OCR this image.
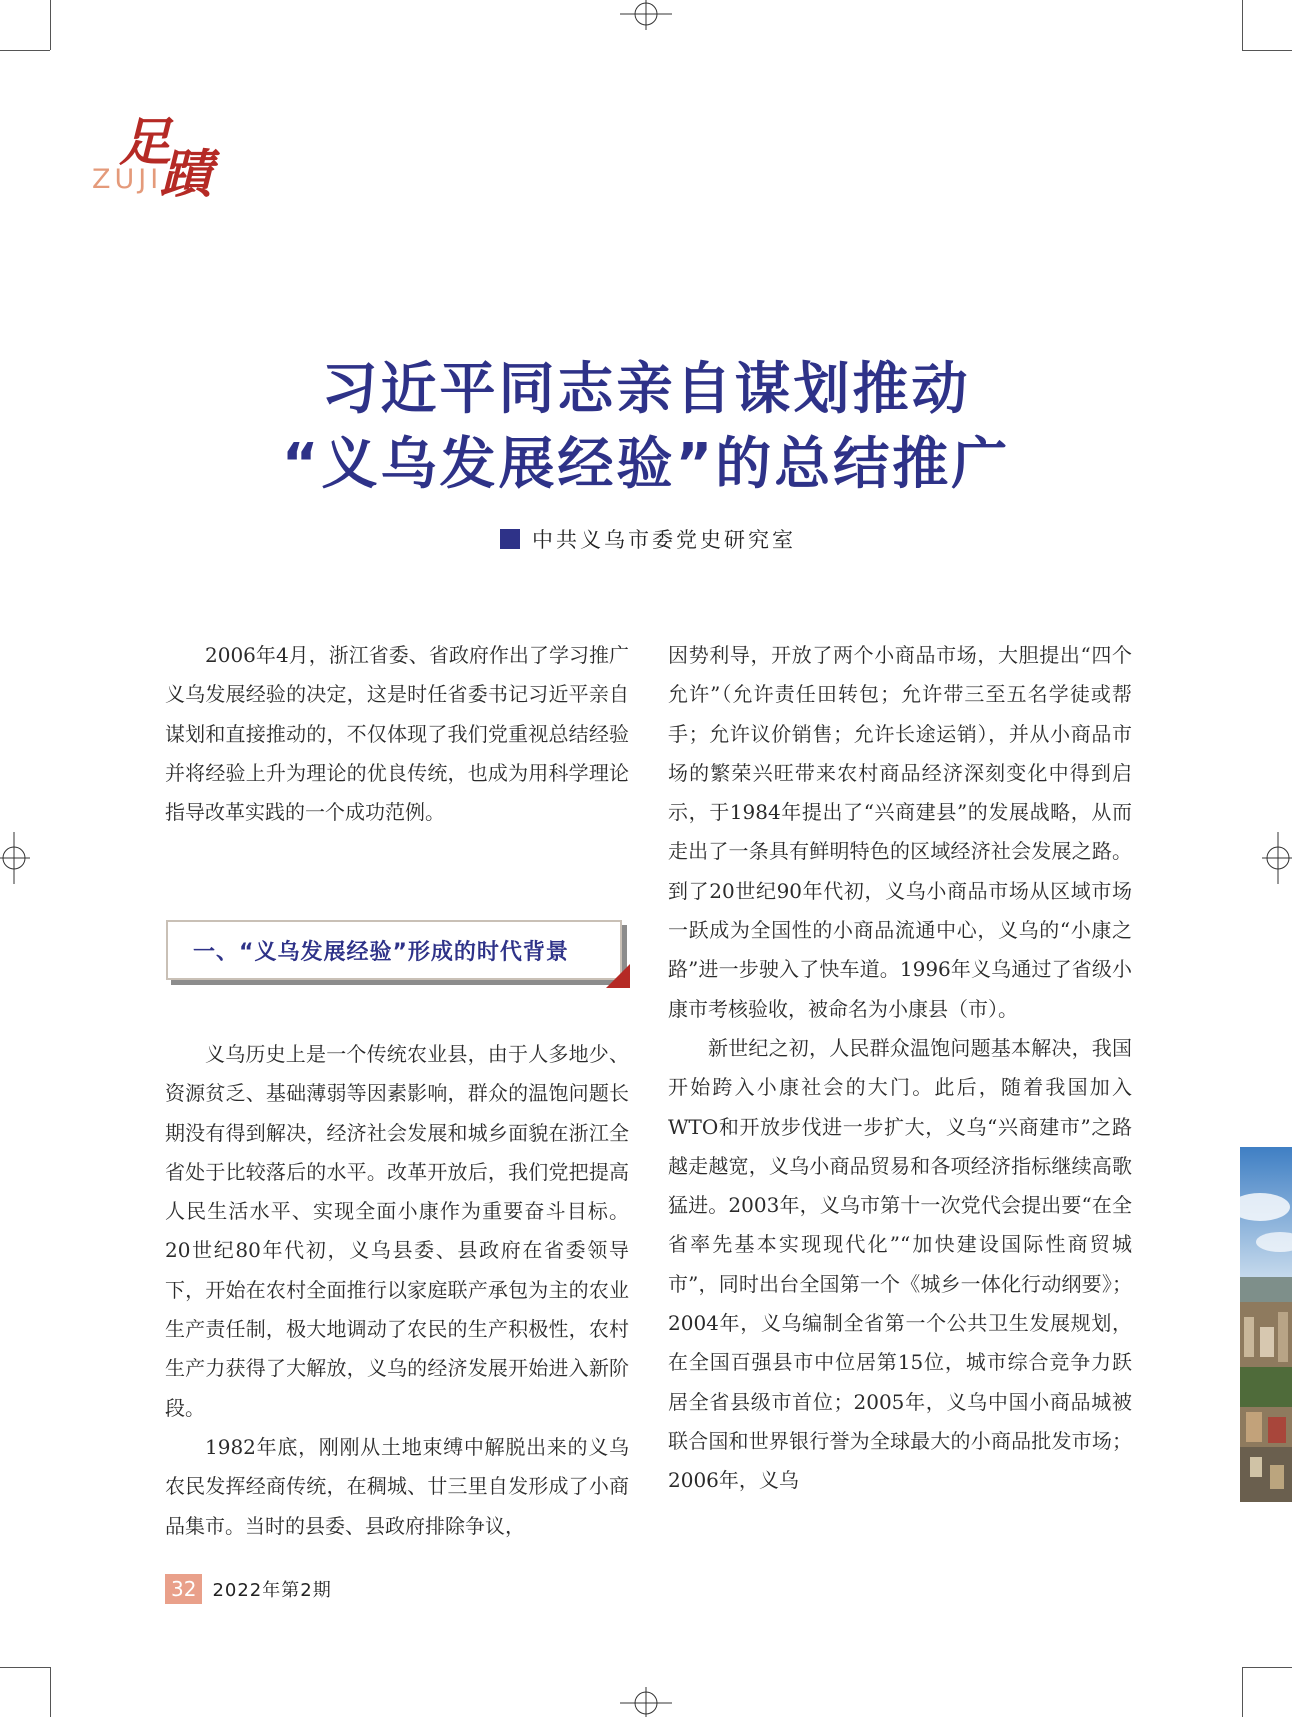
足
蹟
ZUJI
习近平同志亲自谋划推动
“义乌发展经验”的总结推广
中共义乌市委党史研究室

2006年4月，浙江省委、省政府作出了学习推广义乌发展经验的决定，这是时任省委书记习近平亲自谋划和直接推动的，不仅体现了我们党重视总结经验并将经验上升为理论的优良传统，也成为用科学理论指导改革实践的一个成功范例。

一、“义乌发展经验”形成的时代背景

义乌历史上是一个传统农业县，由于人多地少、资源贫乏、基础薄弱等因素影响，群众的温饱问题长期没有得到解决，经济社会发展和城乡面貌在浙江全省处于比较落后的水平。改革开放后，我们党把提高人民生活水平、实现全面小康作为重要奋斗目标。20世纪80年代初，义乌县委、县政府在省委领导下，开始在农村全面推行以家庭联产承包为主的农业生产责任制，极大地调动了农民的生产积极性，农村生产力获得了大解放，义乌的经济发展开始进入新阶段。

1982年底，刚刚从土地束缚中解脱出来的义乌农民发挥经商传统，在稠城、廿三里自发形成了小商品集市。当时的县委、县政府排除争议，

因势利导，开放了两个小商品市场，大胆提出“四个允许”（允许责任田转包；允许带三至五名学徒或帮手；允许议价销售；允许长途运销），并从小商品市场的繁荣兴旺带来农村商品经济深刻变化中得到启示，于1984年提出了“兴商建县”的发展战略，从而走出了一条具有鲜明特色的区域经济社会发展之路。到了20世纪90年代初，义乌小商品市场从区域市场一跃成为全国性的小商品流通中心，义乌的“小康之路”进一步驶入了快车道。1996年义乌通过了省级小康市考核验收，被命名为小康县（市）。

新世纪之初，人民群众温饱问题基本解决，我国开始跨入小康社会的大门。此后，随着我国加入WTO和开放步伐进一步扩大，义乌“兴商建市”之路越走越宽，义乌小商品贸易和各项经济指标继续高歌猛进。2003年，义乌市第十一次党代会提出要“在全省率先基本实现现代化”“加快建设国际性商贸城市”，同时出台全国第一个《城乡一体化行动纲要》；2004年，义乌编制全省第一个公共卫生发展规划，在全国百强县市中位居第15位，城市综合竞争力跃居全省县级市首位；2005年，义乌中国小商品城被联合国和世界银行誉为全球最大的小商品批发市场；2006年，义乌

32 2022年第2期
